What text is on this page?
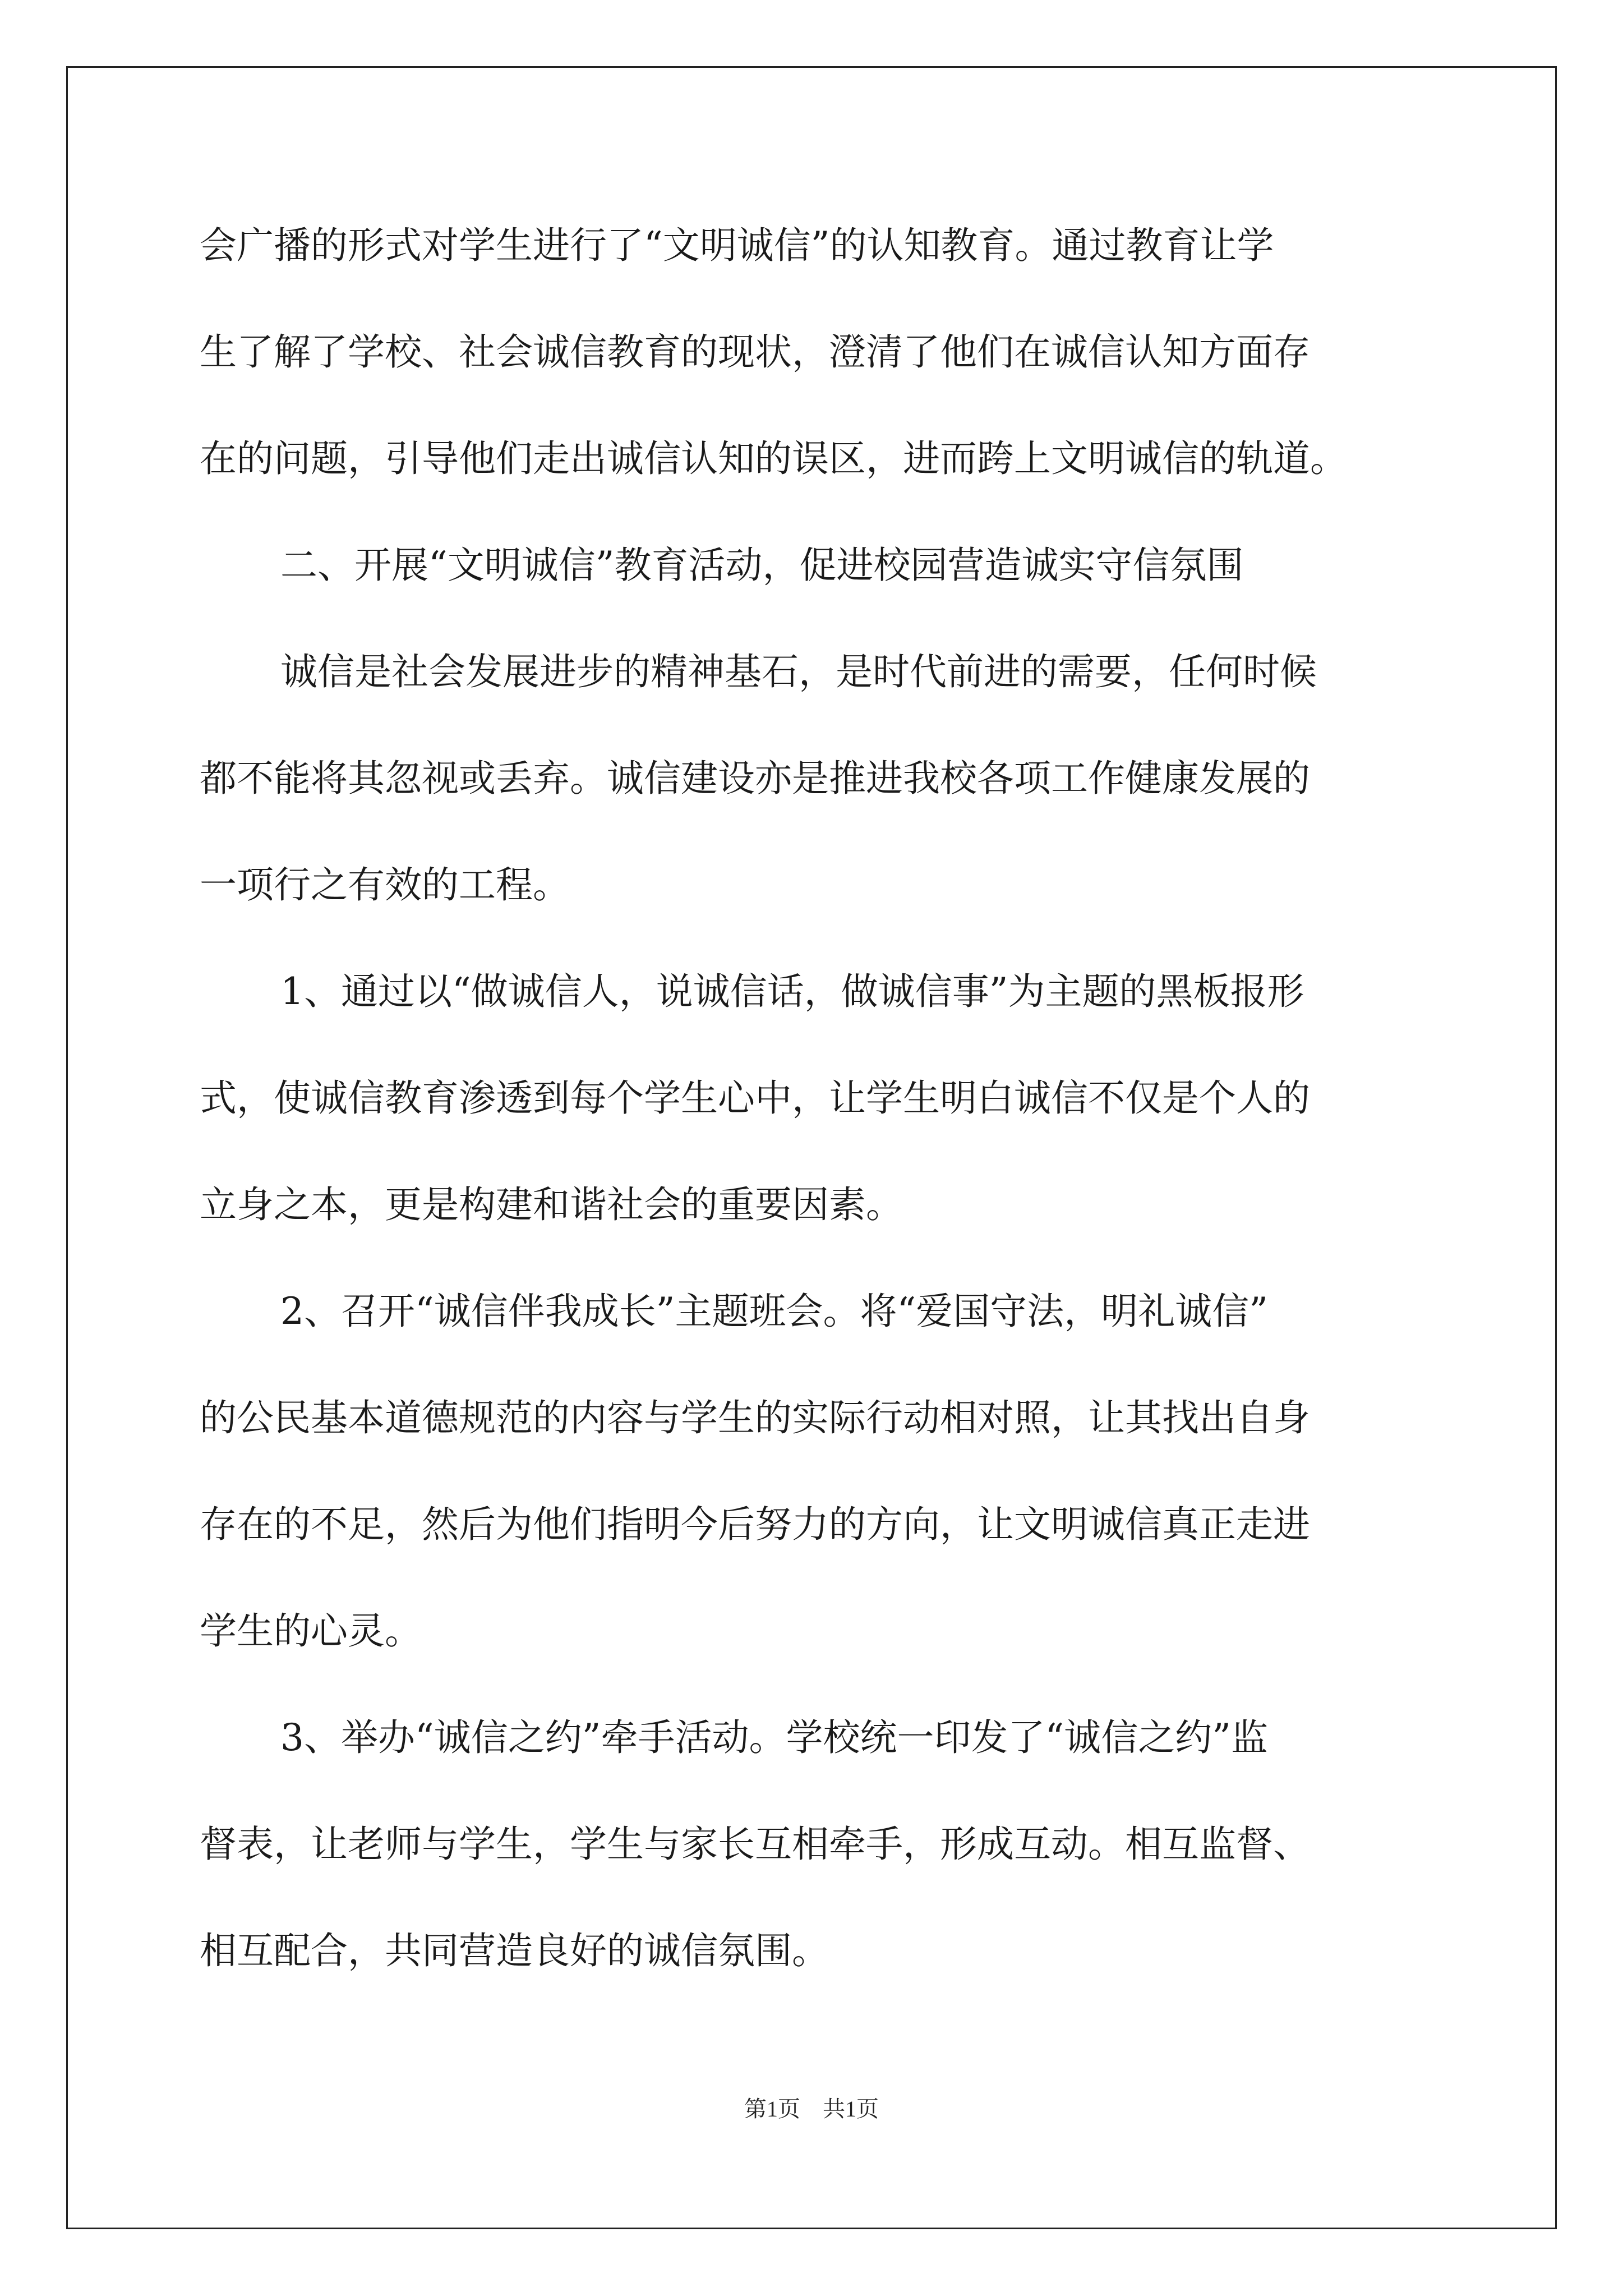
会广播的形式对学生进行了“文明诚信”的认知教育。通过教育让学
生了解了学校、社会诚信教育的现状，澄清了他们在诚信认知方面存
在的问题，引导他们走出诚信认知的误区，进而跨上文明诚信的轨道。
二、开展“文明诚信”教育活动，促进校园营造诚实守信氛围
诚信是社会发展进步的精神基石，是时代前进的需要，任何时候
都不能将其忽视或丢弃。诚信建设亦是推进我校各项工作健康发展的
一项行之有效的工程。
1、通过以“做诚信人，说诚信话，做诚信事”为主题的黑板报形
式，使诚信教育渗透到每个学生心中，让学生明白诚信不仅是个人的
立身之本，更是构建和谐社会的重要因素。
2、召开“诚信伴我成长”主题班会。将“爱国守法，明礼诚信”
的公民基本道德规范的内容与学生的实际行动相对照，让其找出自身
存在的不足，然后为他们指明今后努力的方向，让文明诚信真正走进
学生的心灵。
3、举办“诚信之约”牵手活动。学校统一印发了“诚信之约”监
督表，让老师与学生，学生与家长互相牵手，形成互动。相互监督、
相互配合，共同营造良好的诚信氛围。
第1页 共1页
